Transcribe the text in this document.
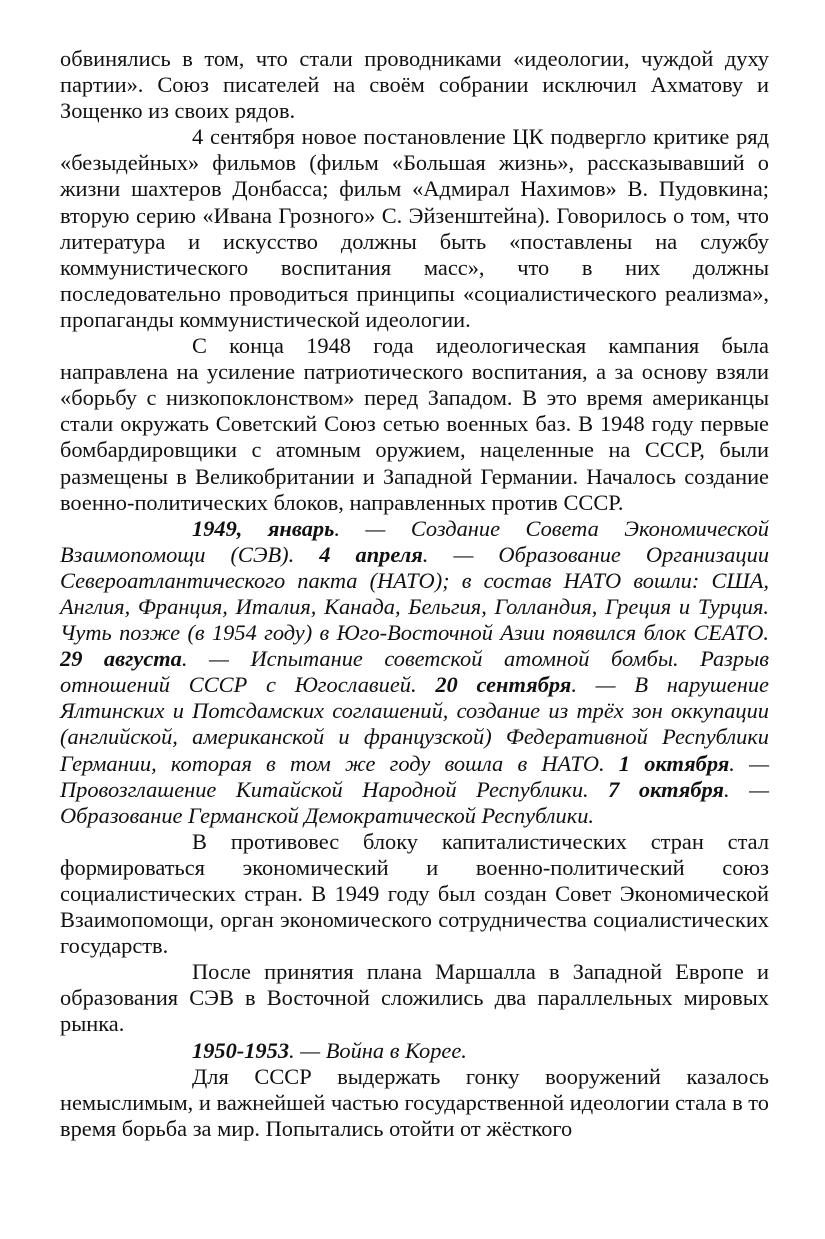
обвинялись в том, что стали проводниками «идеологии, чуждой духу партии». Союз писателей на своём собрании исключил Ахматову и Зощенко из своих рядов.

4 сентября новое постановление ЦК подвергло критике ряд «безыдейных» фильмов (фильм «Большая жизнь», рассказывавший о жизни шахтеров Донбасса; фильм «Адмирал Нахимов» В. Пудовкина; вторую серию «Ивана Грозного» С. Эйзенштейна). Говорилось о том, что литература и искусство должны быть «поставлены на службу коммунистического воспитания масс», что в них должны последовательно проводиться принципы «социалистического реализма», пропаганды коммунистической идеологии.

С конца 1948 года идеологическая кампания была направлена на усиление патриотического воспитания, а за основу взяли «борьбу с низкопоклонством» перед Западом. В это время американцы стали окружать Советский Союз сетью военных баз. В 1948 году первые бомбардировщики с атомным оружием, нацеленные на СССР, были размещены в Великобритании и Западной Германии. Началось создание военно-политических блоков, направленных против СССР.

1949, январь. — Создание Совета Экономической Взаимопомощи (СЭВ). 4 апреля. — Образование Организации Североатлантического пакта (НАТО); в состав НАТО вошли: США, Англия, Франция, Италия, Канада, Бельгия, Голландия, Греция и Турция. Чуть позже (в 1954 году) в Юго-Восточной Азии появился блок СЕАТО. 29 августа. — Испытание советской атомной бомбы. Разрыв отношений СССР с Югославией. 20 сентября. — В нарушение Ялтинских и Потсдамских соглашений, создание из трёх зон оккупации (английской, американской и французской) Федеративной Республики Германии, которая в том же году вошла в НАТО. 1 октября. — Провозглашение Китайской Народной Республики. 7 октября. — Образование Германской Демократической Республики.

В противовес блоку капиталистических стран стал формироваться экономический и военно-политический союз социалистических стран. В 1949 году был создан Совет Экономической Взаимопомощи, орган экономического сотрудничества социалистических государств.

После принятия плана Маршалла в Западной Европе и образования СЭВ в Восточной сложились два параллельных мировых рынка.

1950-1953. — Война в Корее.

Для СССР выдержать гонку вооружений казалось немыслимым, и важнейшей частью государственной идеологии стала в то время борьба за мир. Попытались отойти от жёсткого
